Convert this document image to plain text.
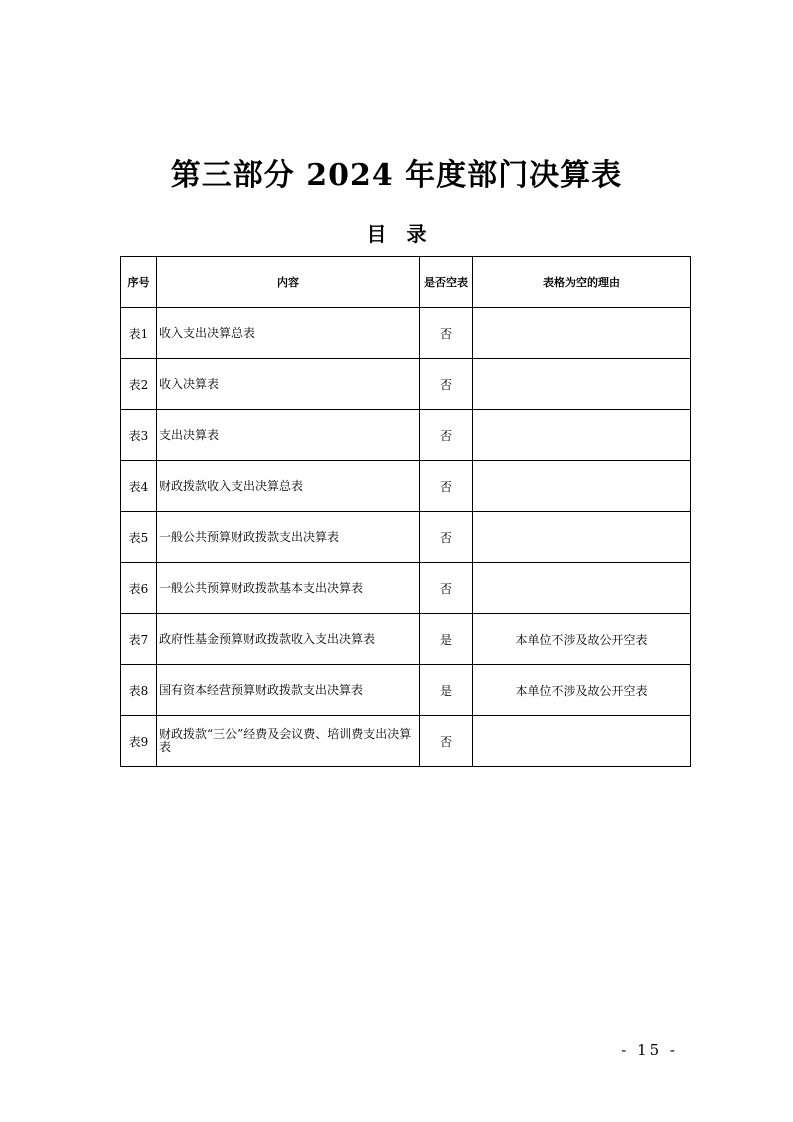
第三部分 2024 年度部门决算表
目　录
序号	内容	是否空表	表格为空的理由
表1	收入支出决算总表	否	
表2	收入决算表	否	
表3	支出决算表	否	
表4	财政拨款收入支出决算总表	否	
表5	一般公共预算财政拨款支出决算表	否	
表6	一般公共预算财政拨款基本支出决算表	否	
表7	政府性基金预算财政拨款收入支出决算表	是	本单位不涉及故公开空表
表8	国有资本经营预算财政拨款支出决算表	是	本单位不涉及故公开空表
表9	财政拨款“三公”经费及会议费、培训费支出决算表	否	
- 15 -
